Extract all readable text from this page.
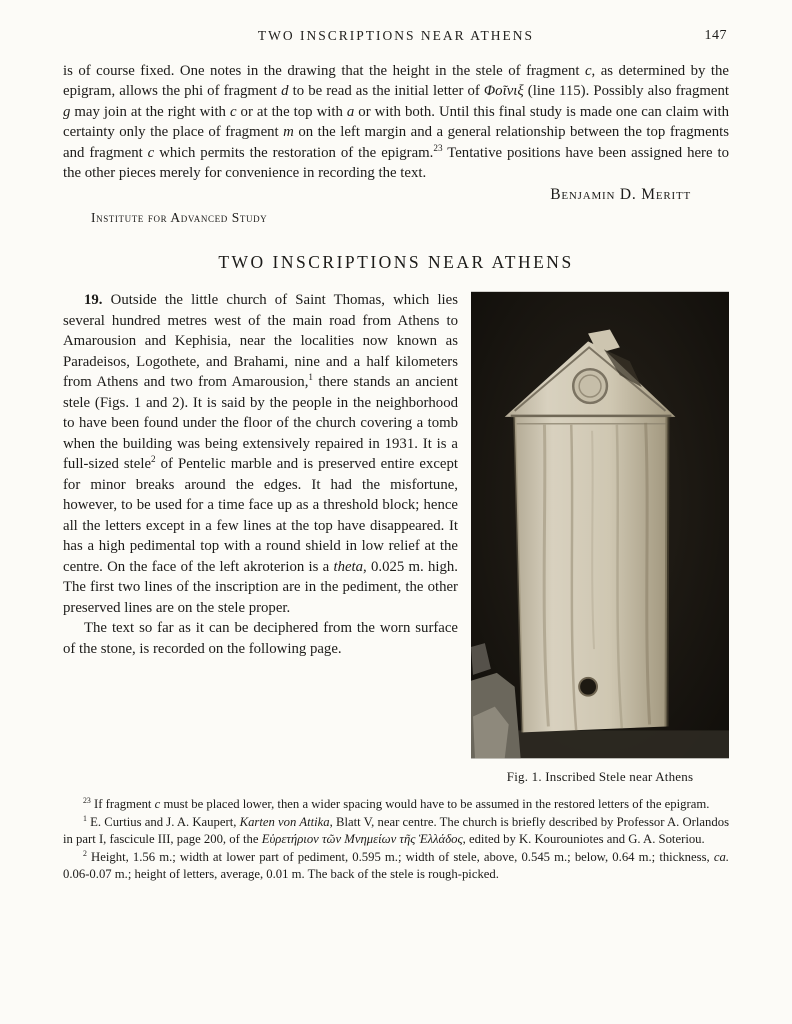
TWO INSCRIPTIONS NEAR ATHENS	147

is of course fixed. One notes in the drawing that the height in the stele of fragment c, as determined by the epigram, allows the phi of fragment d to be read as the initial letter of Φοῖνιξ (line 115). Possibly also fragment g may join at the right with c or at the top with a or with both. Until this final study is made one can claim with certainty only the place of fragment m on the left margin and a general relationship between the top fragments and fragment c which permits the restoration of the epigram.$^{23}$ Tentative positions have been assigned here to the other pieces merely for convenience in recording the text.

Benjamin D. Meritt
Institute for Advanced Study
TWO INSCRIPTIONS NEAR ATHENS

19. Outside the little church of Saint Thomas, which lies several hundred metres west of the main road from Athens to Amarousion and Kephisia, near the localities now known as Paradeisos, Logothete, and Brahami, nine and a half kilometers from Athens and two from Amarousion,$^1$ there stands an ancient stele (Figs. 1 and 2). It is said by the people in the neighborhood to have been found under the floor of the church covering a tomb when the building was being extensively repaired in 1931. It is a full-sized stele$^2$ of Pentelic marble and is preserved entire except for minor breaks around the edges. It had the misfortune, however, to be used for a time face up as a threshold block; hence all the letters except in a few lines at the top have disappeared. It has a high pedimental top with a round shield in low relief at the centre. On the face of the left akroterion is a theta, 0.025 m. high. The first two lines of the inscription are in the pediment, the other preserved lines are on the stele proper.

The text so far as it can be deciphered from the worn surface of the stone, is recorded on the following page.

Fig. 1. Inscribed Stele near Athens

$^{23}$ If fragment c must be placed lower, then a wider spacing would have to be assumed in the restored letters of the epigram.

$^1$ E. Curtius and J. A. Kaupert, Karten von Attika, Blatt V, near centre. The church is briefly described by Professor A. Orlandos in part I, fascicule III, page 200, of the Εὑρετήριον τῶν Μνημείων τῆς Ἑλλάδος, edited by K. Kourouniotes and G. A. Soteriou.

$^2$ Height, 1.56 m.; width at lower part of pediment, 0.595 m.; width of stele, above, 0.545 m.; below, 0.64 m.; thickness, ca. 0.06-0.07 m.; height of letters, average, 0.01 m. The back of the stele is rough-picked.
